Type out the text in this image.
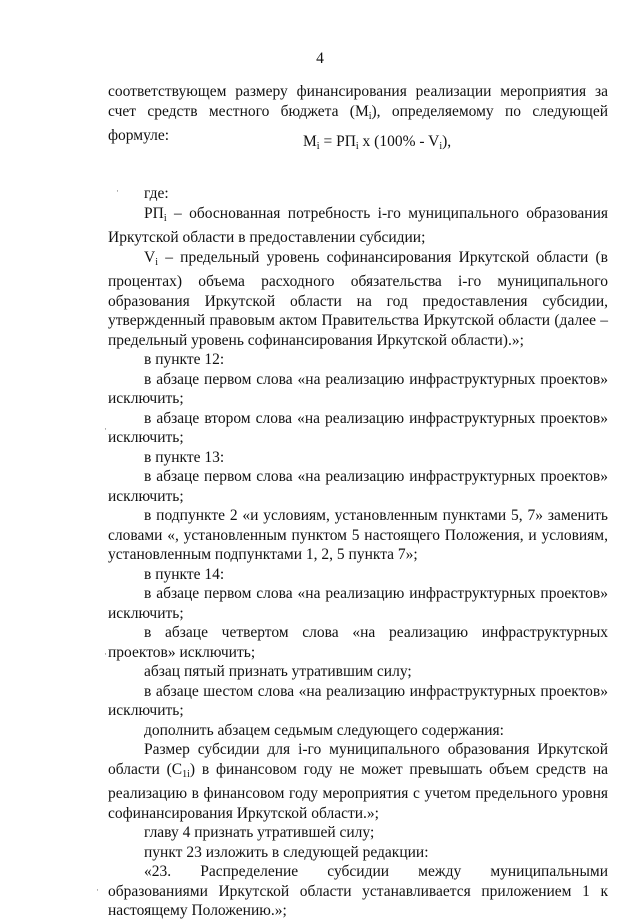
4

соответствующем размеру финансирования реализации мероприятия за счет средств местного бюджета $(M_i)$, определяемому по следующей формуле:	$M_i = РП_i$ x $(100\% - V_i)$,

где:

$РП_i$ – обоснованная потребность i-го муниципального образования Иркутской области в предоставлении субсидии;

$V_i$ – предельный уровень софинансирования Иркутской области (в процентах) объема расходного обязательства i-го муниципального образования Иркутской области на год предоставления субсидии, утвержденный правовым актом Правительства Иркутской области (далее – предельный уровень софинансирования Иркутской области).»;

в пункте 12:

в абзаце первом слова «на реализацию инфраструктурных проектов» исключить;

в абзаце втором слова «на реализацию инфраструктурных проектов» исключить;

в пункте 13:

в абзаце первом слова «на реализацию инфраструктурных проектов» исключить;

в подпункте 2 «и условиям, установленным пунктами 5, 7» заменить словами «, установленным пунктом 5 настоящего Положения, и условиям, установленным подпунктами 1, 2, 5 пункта 7»;

в пункте 14:

в абзаце первом слова «на реализацию инфраструктурных проектов» исключить;

в абзаце четвертом слова «на реализацию инфраструктурных проектов» исключить;

абзац пятый признать утратившим силу;

в абзаце шестом слова «на реализацию инфраструктурных проектов» исключить;

дополнить абзацем седьмым следующего содержания:

Размер субсидии для i-го муниципального образования Иркутской области $(C_{1i})$ в финансовом году не может превышать объем средств на реализацию в финансовом году мероприятия с учетом предельного уровня софинансирования Иркутской области.»;

главу 4 признать утратившей силу;

пункт 23 изложить в следующей редакции:

«23. Распределение субсидии между муниципальными образованиями Иркутской области устанавливается приложением 1 к настоящему Положению.»;

·
·
·
·
